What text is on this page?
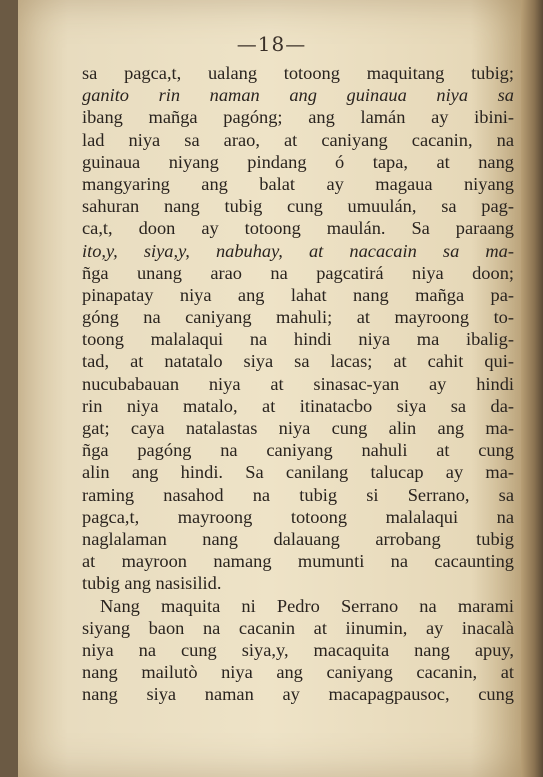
—18—
sa pagca,t, ualang totoong maquitang tubig;
ganito rin naman ang guinaua niya sa
ibang mañga pagóng; ang lamán ay ibini-
lad niya sa arao, at caniyang cacanin, na
guinaua niyang pindang ó tapa, at nang
mangyaring ang balat ay magaua niyang
sahuran nang tubig cung umuulán, sa pag-
ca,t, doon ay totoong maulán. Sa paraang
ito,y, siya,y, nabuhay, at nacacain sa ma-
ñga unang arao na pagcatirá niya doon;
pinapatay niya ang lahat nang mañga pa-
góng na caniyang mahuli; at mayroong to-
toong malalaqui na hindi niya ma ibalig-
tad, at natatalo siya sa lacas; at cahit qui-
nucubabauan niya at sinasac-yan ay hindi
rin niya matalo, at itinatacbo siya sa da-
gat; caya natalastas niya cung alin ang ma-
ñga pagóng na caniyang nahuli at cung
alin ang hindi. Sa canilang talucap ay ma-
raming nasahod na tubig si Serrano, sa
pagca,t, mayroong totoong malalaqui na
naglalaman nang dalauang arrobang tubig
at mayroon namang mumunti na cacaunting
tubig ang nasisilid.
Nang maquita ni Pedro Serrano na marami
siyang baon na cacanin at iinumin, ay inacalà
niya na cung siya,y, macaquita nang apuy,
nang mailutò niya ang caniyang cacanin, at
nang siya naman ay macapagpausoc, cung
